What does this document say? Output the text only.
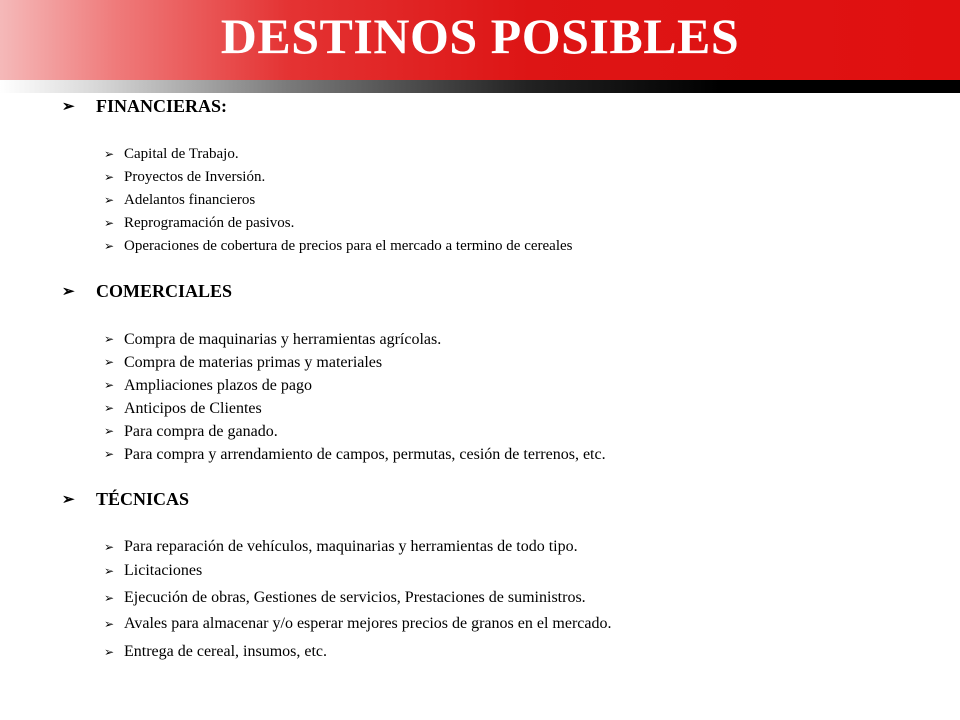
DESTINOS POSIBLES
➢	FINANCIERAS:
➢ Capital de Trabajo.
➢ Proyectos de Inversión.
➢ Adelantos financieros
➢ Reprogramación de pasivos.
➢ Operaciones de cobertura de precios para el mercado a termino de cereales
➢	COMERCIALES
➢ Compra de maquinarias y herramientas agrícolas.
➢ Compra de materias primas y materiales
➢ Ampliaciones plazos de pago
➢ Anticipos de Clientes
➢ Para compra de ganado.
➢ Para compra y arrendamiento de campos, permutas, cesión de terrenos, etc.
➢	TÉCNICAS
➢ Para reparación de vehículos, maquinarias y herramientas de todo tipo.
➢ Licitaciones
➢ Ejecución de obras, Gestiones de servicios, Prestaciones de suministros.
➢ Avales para almacenar y/o esperar mejores precios de granos en el mercado.
➢ Entrega de cereal, insumos, etc.
